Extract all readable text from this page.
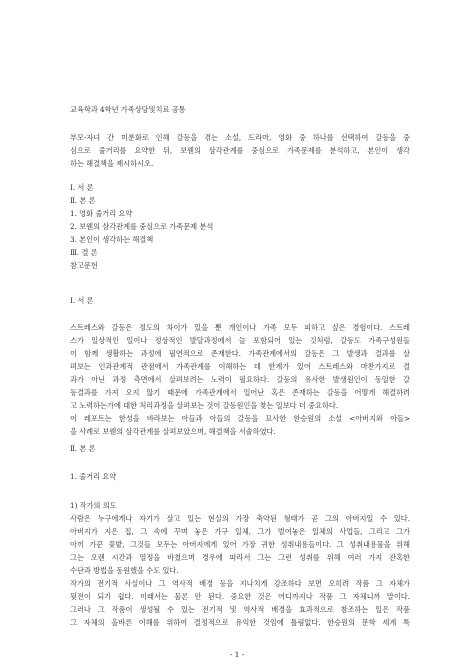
교육학과 4학년 가족상담및치료 공통
부모-자녀 간 미분화로 인해 갈등을 겪는 소설, 드라마, 영화 중 하나를 선택하여 갈등을 중
심으로 줄거리를 요약한 뒤, 보웬의 삼각관계를 중심으로 가족문제를 분석하고, 본인이 생각
하는 해결책을 제시하시오.
Ⅰ. 서 론
Ⅱ. 본 론
1. 영화 줄거리 요약
2. 보웬의 삼각관계를 중심으로 가족문제 분석
3. 본인이 생각하는 해결책
Ⅲ. 결 론
참고문헌
Ⅰ. 서 론
스트레스와 갈등은 정도의 차이가 있을 뿐 개인이나 가족 모두 피하고 싶은 경험이다. 스트레
스가 일상적인 일이나 정상적인 발달과정에서 늘 포함되어 있는 것처럼, 갈등도 가족구성원들
이 함께 생활하는 과정에 필연적으로 존재한다. 가족관계에서의 갈등은 그 발생과 결과를 살
펴보는 인과관계적 관점에서 가족관계를 이해하는 데 한계가 있어 스트레스와 마찬가지로 결
과가 아닌 과정 측면에서 살펴보려는 노력이 필요하다. 갈등의 유사한 발생원인이 동일한 갈
등결과를 가져 오지 않기 때문에 가족관계에서 일어난 혹은 존재하는 갈등을 어떻게 해결하려
고 노력하는가에 대한 처리과정을 살펴보는 것이 갈등원인을 찾는 일보다 더 중요하다.
이 레포트는 한성을 바라보는 아들과 아들의 갈등을 묘사한 한승원의 소설 <아버지와 아들>
을 사례로 보웬의 삼각관계를 살펴보았으며, 해결책을 서술하였다.
Ⅱ. 본 론
1. 줄거리 요약
1) 작가의 의도
사람은 누구에게나 자기가 살고 있는 현실의 가장 축약된 형태가 곧 그의 아버지일 수 있다.
아버지가 지은 집, 그 속에 꾸며 놓은 가구 일체, 그가 벌여놓은 일체의 사업들, 그리고 그가
아끼 가꾼 꽃밭, 그것들 모두는 아버지에게 있어 가장 귀한 성취내용들이다. 그 성취내용물을 위해
그는 오랜 시간과 열정을 바쳤으며 경우에 따라서 그는 그런 성취를 위해 여러 가지 잔혹한
수단과 방법을 동원했을 수도 있다.
작가의 전기적 사실이나 그 역사적 배경 등을 지나치게 강조하다 보면 오히려 작품 그 자체가
뒷전이 되기 쉽다. 이래서는 물론 안 된다. 중요한 것은 어디까지나 작품 그 자체니까 말이다.
그러나 그 작품이 생성될 수 있는 전기적 및 역사적 배경을 효과적으로 참조하는 일은 작품
그 자체의 올바른 이해를 위하여 결정적으로 유익한 것임에 틀림없다. 한승원의 문학 세계 특
- 1 -
